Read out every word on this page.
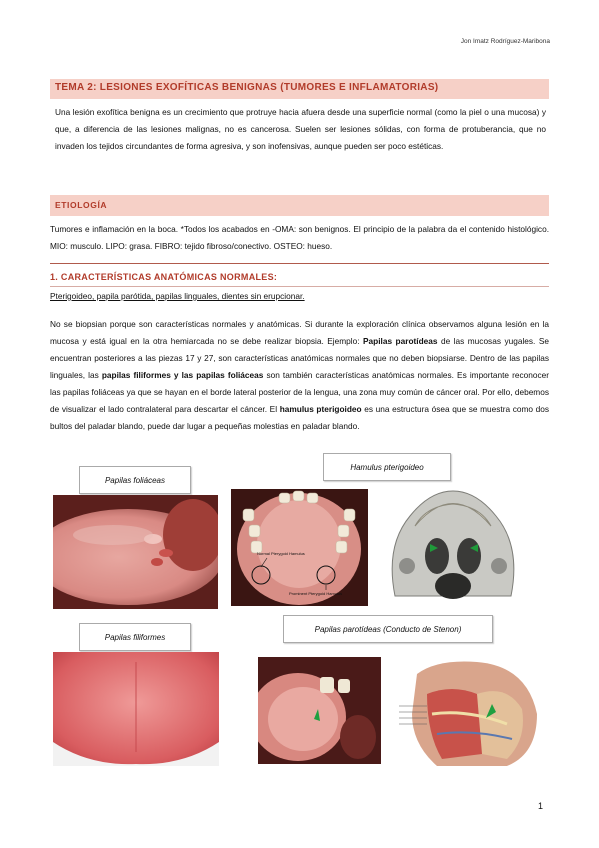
Jon Imatz Rodríguez-Maribona
TEMA 2: LESIONES EXOFÍTICAS BENIGNAS (TUMORES E INFLAMATORIAS)
Una lesión exofítica benigna es un crecimiento que protruye hacia afuera desde una superficie normal (como la piel o una mucosa) y que, a diferencia de las lesiones malignas, no es cancerosa. Suelen ser lesiones sólidas, con forma de protuberancia, que no invaden los tejidos circundantes de forma agresiva, y son inofensivas, aunque pueden ser poco estéticas.
ETIOLOGÍA
Tumores e inflamación en la boca. *Todos los acabados en -OMA: son benignos. El principio de la palabra da el contenido histológico. MIO: musculo. LIPO: grasa. FIBRO: tejido fibroso/conectivo. OSTEO: hueso.
1. CARACTERÍSTICAS ANATÓMICAS NORMALES:
Pterigoideo, papila parótida, papilas linguales, dientes sin erupcionar.
No se biopsian porque son características normales y anatómicas. Si durante la exploración clínica observamos alguna lesión en la mucosa y está igual en la otra hemiarcada no se debe realizar biopsia. Ejemplo: Papilas parotídeas de las mucosas yugales. Se encuentran posteriores a las piezas 17 y 27, son características anatómicas normales que no deben biopsiarse. Dentro de las papilas linguales, las papilas filiformes y las papilas foliáceas son también características anatómicas normales. Es importante reconocer las papilas foliáceas ya que se hayan en el borde lateral posterior de la lengua, una zona muy común de cáncer oral. Por ello, debemos de visualizar el lado contralateral para descartar el cáncer. El hamulus pterigoideo es una estructura ósea que se muestra como dos bultos del paladar blando, puede dar lugar a pequeñas molestias en paladar blando.
Papilas foliáceas
Hamulus pterigoideo
Papilas filiformes
Papilas parotídeas (Conducto de Stenon)
Normal Pterygoid Hamulus
Prominent Pterygoid Hamulus
1
